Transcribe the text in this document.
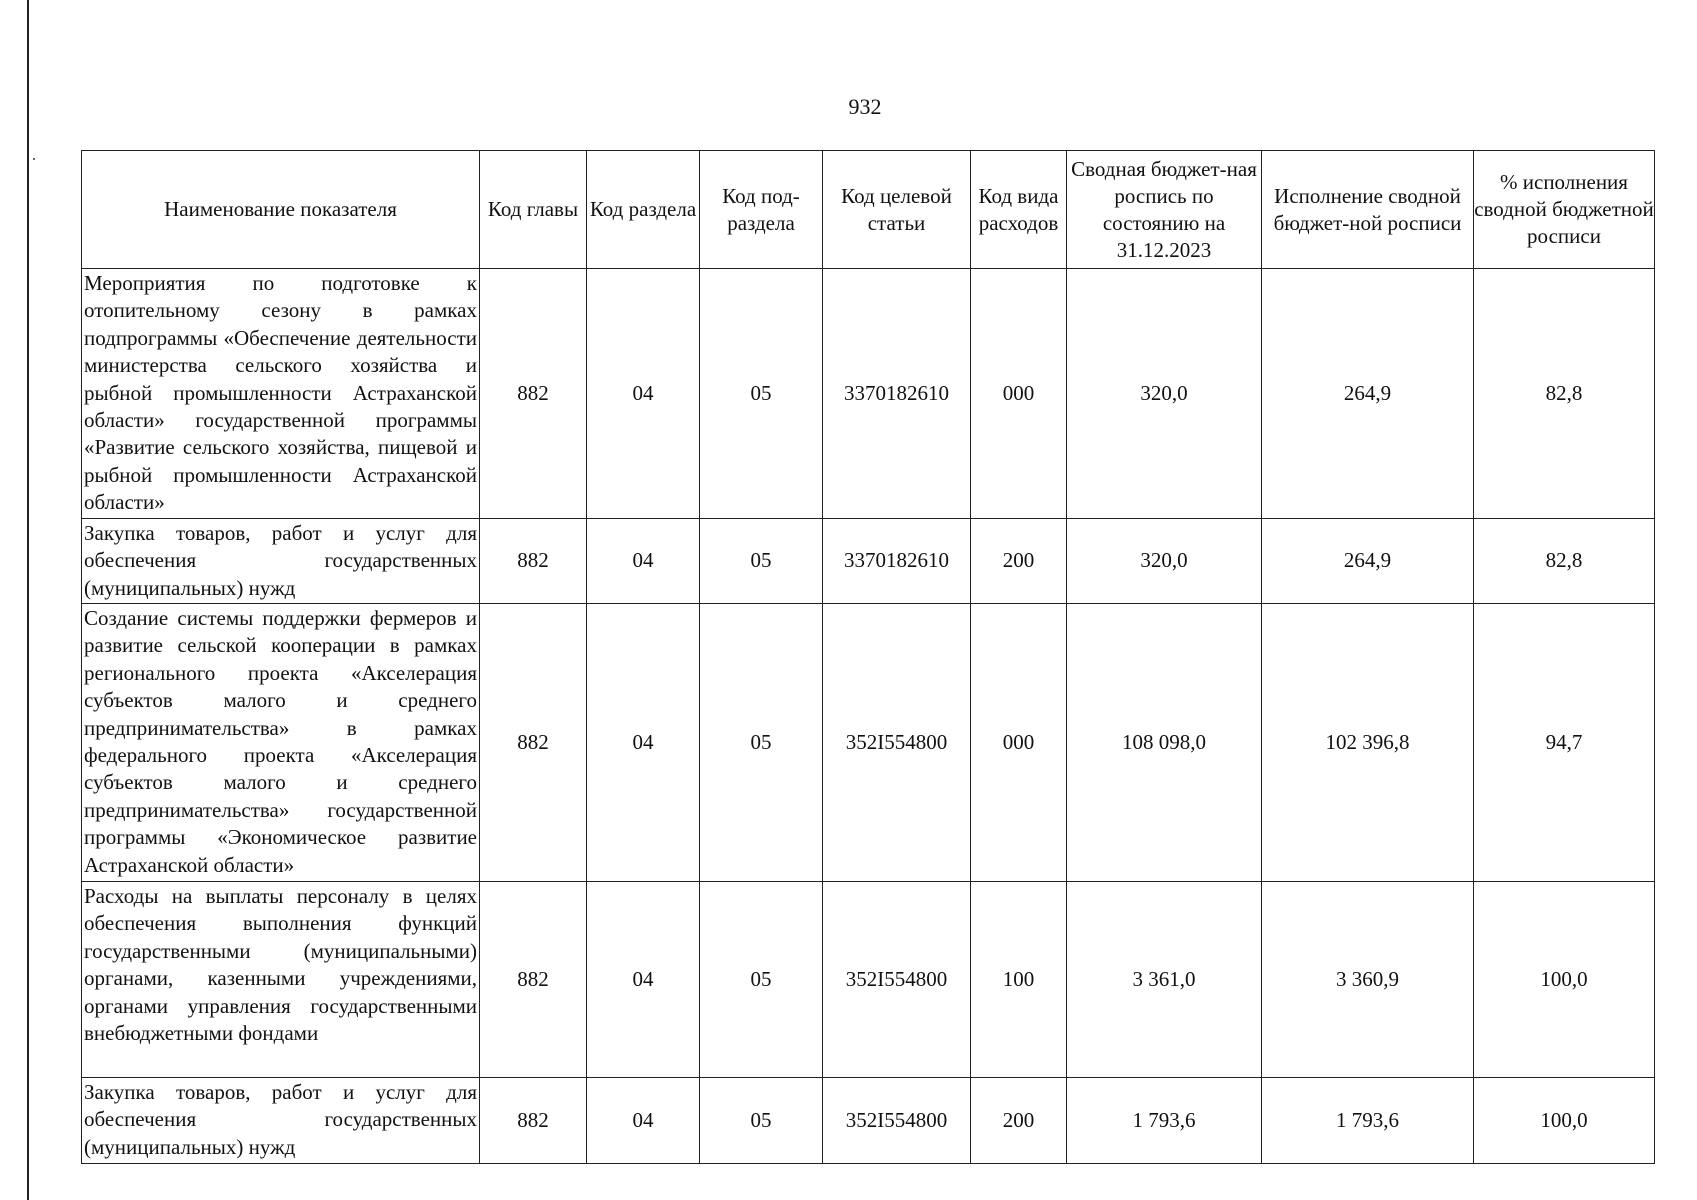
932
Наименование показателя	Код главы	Код раздела	Код под-раздела	Код целевой статьи	Код вида расходов	Сводная бюджет-ная роспись по состоянию на 31.12.2023	Исполнение сводной бюджет-ной росписи	% исполнения сводной бюджетной росписи
Мероприятия по подготовке к отопительному сезону в рамках подпрограммы «Обеспечение деятельности министерства сельского хозяйства и рыбной промышленности Астраханской области» государственной программы «Развитие сельского хозяйства, пищевой и рыбной промышленности Астраханской области»	882	04	05	3370182610	000	320,0	264,9	82,8
Закупка товаров, работ и услуг для обеспечения государственных (муниципальных) нужд	882	04	05	3370182610	200	320,0	264,9	82,8
Создание системы поддержки фермеров и развитие сельской кооперации в рамках регионального проекта «Акселерация субъектов малого и среднего предпринимательства» в рамках федерального проекта «Акселерация субъектов малого и среднего предпринимательства» государственной программы «Экономическое развитие Астраханской области»	882	04	05	352I554800	000	108 098,0	102 396,8	94,7
Расходы на выплаты персоналу в целях обеспечения выполнения функций государственными (муниципальными) органами, казенными учреждениями, органами управления государственными внебюджетными фондами	882	04	05	352I554800	100	3 361,0	3 360,9	100,0
Закупка товаров, работ и услуг для обеспечения государственных (муниципальных) нужд	882	04	05	352I554800	200	1 793,6	1 793,6	100,0
